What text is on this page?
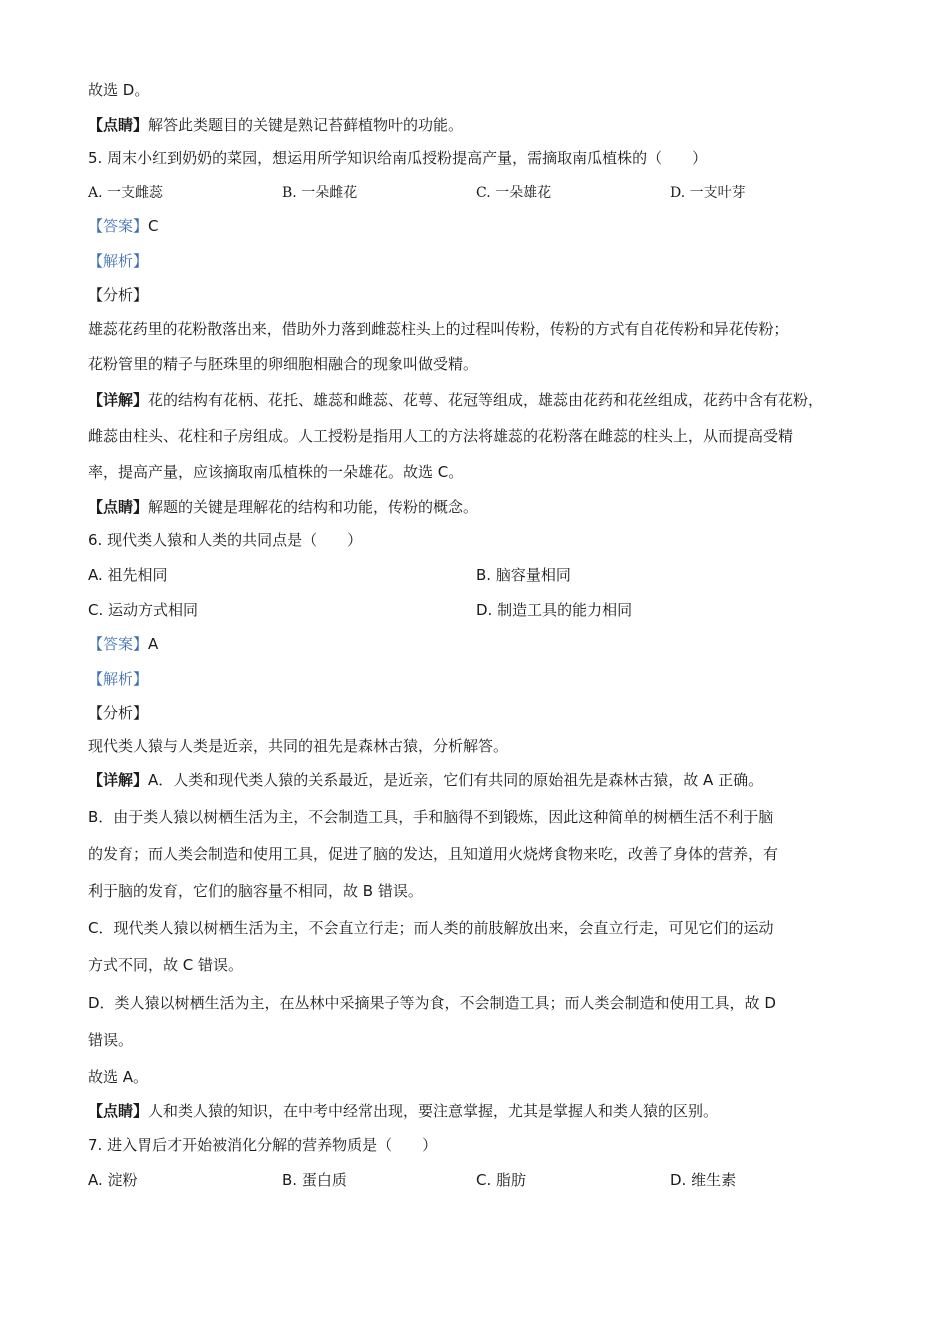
故选 D。
【点睛】解答此类题目的关键是熟记苔藓植物叶的功能。
5. 周末小红到奶奶的菜园，想运用所学知识给南瓜授粉提高产量，需摘取南瓜植株的（　　）
A. 一支雌蕊	B. 一朵雌花	C. 一朵雄花	D. 一支叶芽
【答案】C
【解析】
【分析】
雄蕊花药里的花粉散落出来，借助外力落到雌蕊柱头上的过程叫传粉，传粉的方式有自花传粉和异花传粉；
花粉管里的精子与胚珠里的卵细胞相融合的现象叫做受精。
【详解】花的结构有花柄、花托、雄蕊和雌蕊、花萼、花冠等组成，雄蕊由花药和花丝组成，花药中含有花粉，
雌蕊由柱头、花柱和子房组成。人工授粉是指用人工的方法将雄蕊的花粉落在雌蕊的柱头上，从而提高受精
率，提高产量，应该摘取南瓜植株的一朵雄花。故选 C。
【点睛】解题的关键是理解花的结构和功能，传粉的概念。
6. 现代类人猿和人类的共同点是（　　）
A. 祖先相同	B. 脑容量相同
C. 运动方式相同	D. 制造工具的能力相同
【答案】A
【解析】
【分析】
现代类人猿与人类是近亲，共同的祖先是森林古猿，分析解答。
【详解】A．人类和现代类人猿的关系最近，是近亲，它们有共同的原始祖先是森林古猿，故 A 正确。
B．由于类人猿以树栖生活为主，不会制造工具，手和脑得不到锻炼，因此这种简单的树栖生活不利于脑
的发育；而人类会制造和使用工具，促进了脑的发达，且知道用火烧烤食物来吃，改善了身体的营养，有
利于脑的发育，它们的脑容量不相同，故 B 错误。
C．现代类人猿以树栖生活为主，不会直立行走；而人类的前肢解放出来，会直立行走，可见它们的运动
方式不同，故 C 错误。
D．类人猿以树栖生活为主，在丛林中采摘果子等为食，不会制造工具；而人类会制造和使用工具，故 D
错误。
故选 A。
【点睛】人和类人猿的知识，在中考中经常出现，要注意掌握，尤其是掌握人和类人猿的区别。
7. 进入胃后才开始被消化分解的营养物质是（　　）
A. 淀粉	B. 蛋白质	C. 脂肪	D. 维生素
